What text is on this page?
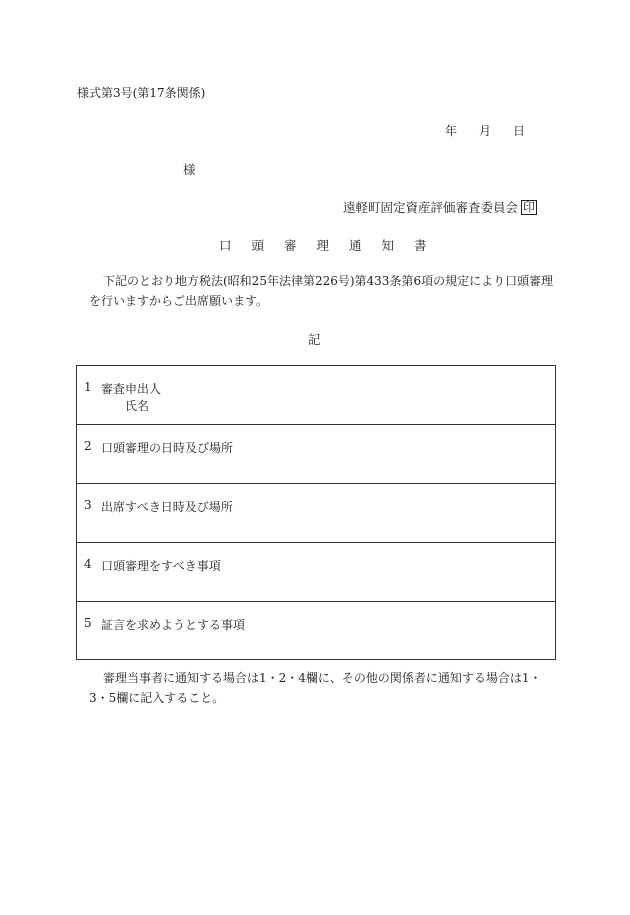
様式第3号(第17条関係)
年 月 日
様
遠軽町固定資産評価審査委員会 印
口頭審理通知書
下記のとおり地方税法(昭和25年法律第226号)第433条第6項の規定により口頭審理を行いますからご出席願います。
記
1 審査申出人
氏名
2 口頭審理の日時及び場所
3 出席すべき日時及び場所
4 口頭審理をすべき事項
5 証言を求めようとする事項
審理当事者に通知する場合は1・2・4欄に、その他の関係者に通知する場合は1・3・5欄に記入すること。
